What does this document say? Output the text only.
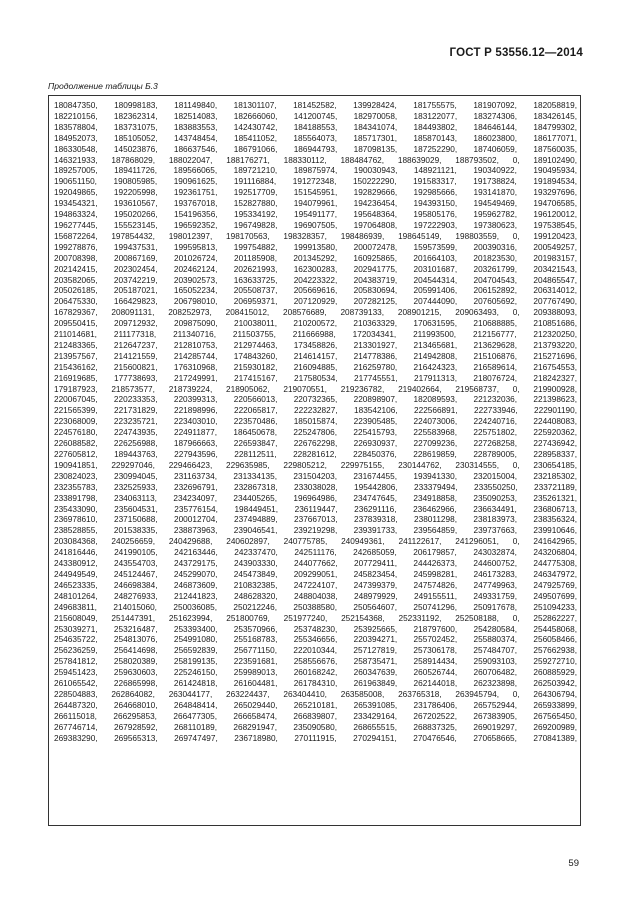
ГОСТ Р 53556.12—2014
Продолжение таблицы Б.3
180847350, 180998183, 181149840, 181301107, 181452582, 139928424, 181755575, 181907092, 182058819,
182210156, 182362314, 182514083, 182666060, 141200745, 182970058, 183122077, 183274306, 183426145,
183578804, 183731075, 183883553, 142430742, 184188553, 184341074, 184493802, 184646144, 184799302,
184952073, 185105052, 143748454, 185411052, 185564073, 185717301, 185870143, 186023800, 186177071,
186330548, 145023876, 186637546, 186791066, 186944793, 187098135, 187252290, 187406059, 187560035,
146321933, 187868029, 188022047, 188176271, 188330112, 188484762, 188639029, 188793502, 0, 189102490,
189257005, 189411726, 189566065, 189721210, 189875974, 190030943, 148921121, 190340922, 190495934,
190651150, 190805985, 190961625, 191116884, 191272348, 150222290, 191583317, 191738824, 191894534,
192049865, 192205998, 192361751, 192517709, 151545951, 192829666, 192985666, 193141870, 193297696,
193454321, 193610567, 193767018, 152827880, 194079961, 194236454, 194393150, 194549469, 194706585,
194863324, 195020266, 154196356, 195334192, 195491177, 195648364, 195805176, 195962782, 196120012,
196277445, 155523145, 196592352, 196749828, 196907505, 197064808, 197222903, 197380623, 197538545,
156872264, 197854432, 198012397, 198170563, 198328357, 198486939, 198645149, 198803559, 0, 199120423,
199278876, 199437531, 199595813, 199754882, 199913580, 200072478, 159573599, 200390316, 200549257,
200708398, 200867169, 201026724, 201185908, 201345292, 160925865, 201664103, 201823530, 201983157,
202142415, 202302454, 202462124, 202621993, 162300283, 202941775, 203101687, 203261799, 203421543,
203582065, 203742219, 203902573, 163633725, 204223322, 204383719, 204544314, 204704543, 204865547,
205026185, 205187021, 165052234, 205508737, 205669616, 205830694, 205991406, 206152892, 206314012,
206475330, 166429823, 206798010, 206959371, 207120929, 207282125, 207444090, 207605692, 207767490,
167829367, 208091131, 208252973, 208415012, 208576689, 208739133, 208901215, 209063493, 0, 209388093,
209550415, 209712932, 209875090, 210038011, 210200572, 210363329, 170631595, 210688885, 210851686,
211014681, 211177318, 211340716, 211503755, 211666988, 172034341, 211993500, 212156777, 212320250,
212483365, 212647237, 212810753, 212974463, 173458826, 213301927, 213465681, 213629628, 213793220,
213957567, 214121559, 214285744, 174843260, 214614157, 214778386, 214942808, 215106876, 215271696,
215436162, 215600821, 176310968, 215930182, 216094885, 216259780, 216424323, 216589614, 216754553,
216919685, 177738693, 217249991, 217415167, 217580534, 217745551, 217911313, 218076724, 218242327,
179187923, 218573577, 218739224, 218905062, 219070551, 219236782, 219402664, 219568737, 0, 219900928,
220067045, 220233353, 220399313, 220566013, 220732365, 220898907, 182089593, 221232036, 221398623,
221565399, 221731829, 221898996, 222065817, 222232827, 183542106, 222566891, 222733946, 222901190,
223068009, 223235721, 223403010, 223570486, 185015874, 223905485, 224073006, 224240716, 224408083,
224576180, 224743935, 224911877, 186450678, 225247806, 225415793, 225583968, 225751802, 225920362,
226088582, 226256988, 187966663, 226593847, 226762298, 226930937, 227099236, 227268258, 227436942,
227605812, 189443763, 227943596, 228112511, 228281612, 228450376, 228619859, 228789005, 228958337,
190941851, 229297046, 229466423, 229635985, 229805212, 229975155, 230144762, 230314555, 0, 230654185,
230824023, 230994045, 231163734, 231334135, 231504203, 231674455, 193941330, 232015004, 232185302,
232355783, 232525933, 232696791, 232867318, 233038028, 195442806, 233379494, 233550250, 233721189,
233891798, 234063113, 234234097, 234405265, 196964986, 234747645, 234918858, 235090253, 235261321,
235433090, 235604531, 235776154, 198449451, 236119447, 236291116, 236462966, 236634491, 236806713,
236978610, 237150688, 200012704, 237494889, 237667013, 237839318, 238011298, 238183973, 238356324,
238528855, 201538335, 238873963, 239046541, 239219298, 239391733, 239564859, 239737663, 239910646,
203084368, 240256659, 240429688, 240602897, 240775785, 240949361, 241122617, 241296051, 0, 241642965,
241816446, 241990105, 242163446, 242337470, 242511176, 242685059, 206179857, 243032874, 243206804,
243380912, 243554703, 243729175, 243903330, 244077662, 207729411, 244426373, 244600752, 244775308,
244949549, 245124467, 245299070, 245473849, 209299051, 245823454, 245998281, 246173283, 246347972,
246523335, 246698384, 246873609, 210832385, 247224107, 247399379, 247574826, 247749963, 247925769,
248101264, 248276933, 212441823, 248628320, 248804038, 248979929, 249155511, 249331759, 249507699,
249683811, 214015060, 250036085, 250212246, 250388580, 250564607, 250741296, 250917678, 251094233,
215608049, 251447391, 251623994, 251800769, 251977240, 252154368, 252331192, 252508188, 0, 252862227,
253039271, 253216487, 253393400, 253570966, 253748230, 253925665, 218797600, 254280584, 254458068,
254635722, 254813076, 254991080, 255168783, 255346656, 220394271, 255702452, 255880374, 256058466,
256236259, 256414698, 256592839, 256771150, 222010344, 257127819, 257306178, 257484707, 257662938,
257841812, 258020389, 258199135, 223591681, 258556676, 258735471, 258914434, 259093103, 259272710,
259451423, 259630603, 225246150, 259989013, 260168242, 260347639, 260526744, 260706482, 260885929,
261065542, 226865998, 261424818, 261604481, 261784310, 261963849, 262144018, 262323898, 262503942,
228504883, 262864082, 263044177, 263224437, 263404410, 263585008, 263765318, 263945794, 0, 264306794,
264487320, 264668010, 264848414, 265029440, 265210181, 265391085, 231786406, 265752944, 265933899,
266115018, 266295853, 266477305, 266658474, 266839807, 233429164, 267202522, 267383905, 267565450,
267746714, 267928592, 268110189, 268291947, 235090580, 268655515, 268837325, 269019297, 269200989,
269383290, 269565313, 269747497, 236718980, 270111915, 270294151, 270476546, 270658665, 270841389,
59
